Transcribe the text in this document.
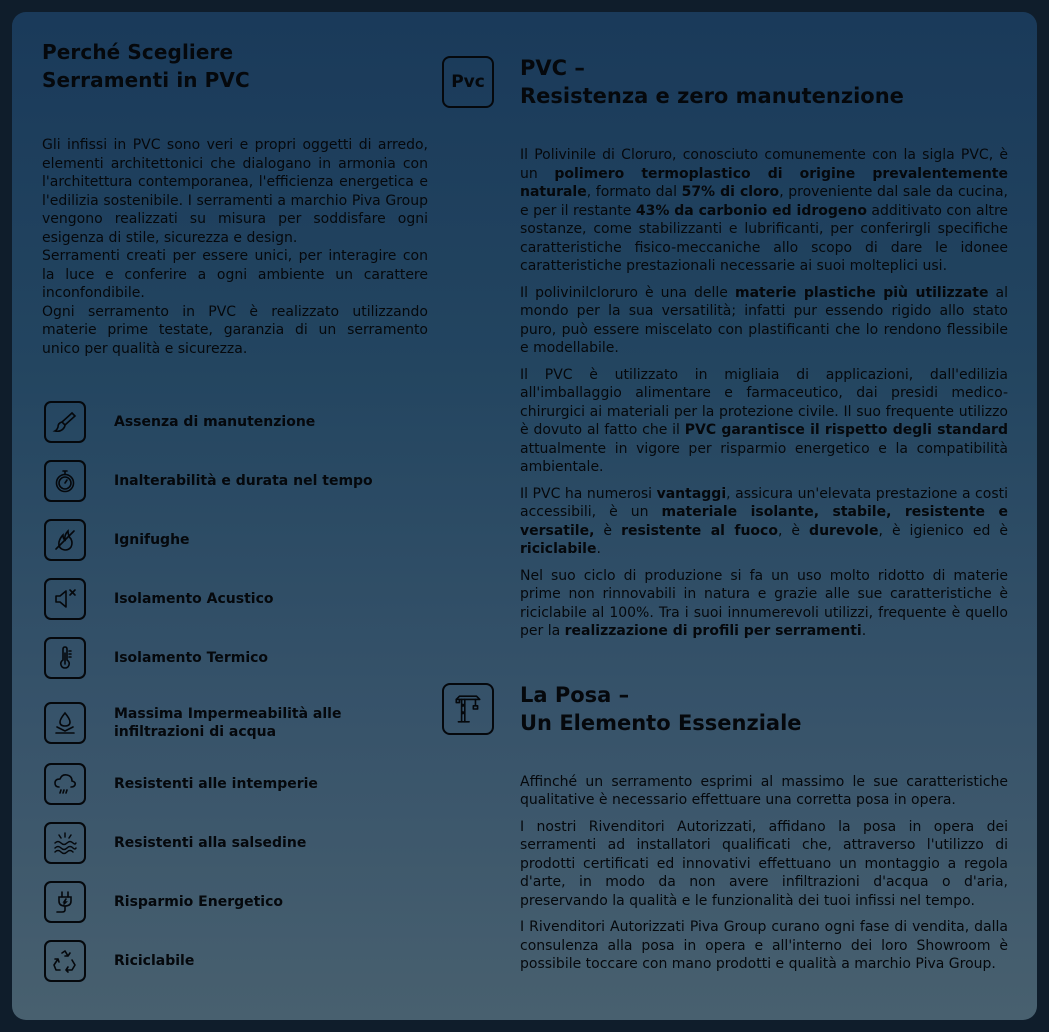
Perché Scegliere
Serramenti in PVC

Gli infissi in PVC sono veri e propri oggetti di arredo, elementi architettonici che dialogano in armonia con l'architettura contemporanea, l'efficienza energetica e l'edilizia sostenibile. I serramenti a marchio Piva Group vengono realizzati su misura per soddisfare ogni esigenza di stile, sicurezza e design.

Serramenti creati per essere unici, per interagire con la luce e conferire a ogni ambiente un carattere inconfondibile.

Ogni serramento in PVC è realizzato utilizzando materie prime testate, garanzia di un serramento unico per qualità e sicurezza.

Assenza di manutenzione
Inalterabilità e durata nel tempo
Ignifughe
Isolamento Acustico
Isolamento Termico
Massima Impermeabilità alle infiltrazioni di acqua
Resistenti alle intemperie
Resistenti alla salsedine
Risparmio Energetico
Riciclabile
Pvc
PVC –
Resistenza e zero manutenzione

Il Polivinile di Cloruro, conosciuto comunemente con la sigla PVC, è un polimero termoplastico di origine prevalentemente naturale, formato dal 57% di cloro, proveniente dal sale da cucina, e per il restante 43% da carbonio ed idrogeno additivato con altre sostanze, come stabilizzanti e lubrificanti, per conferirgli specifiche caratteristiche fisico-meccaniche allo scopo di dare le idonee caratteristiche prestazionali necessarie ai suoi molteplici usi.

Il polivinilcloruro è una delle materie plastiche più utilizzate al mondo per la sua versatilità; infatti pur essendo rigido allo stato puro, può essere miscelato con plastificanti che lo rendono flessibile e modellabile.

Il PVC è utilizzato in migliaia di applicazioni, dall'edilizia all'imballaggio alimentare e farmaceutico, dai presidi medico-chirurgici ai materiali per la protezione civile. Il suo frequente utilizzo è dovuto al fatto che il PVC garantisce il rispetto degli standard attualmente in vigore per risparmio energetico e la compatibilità ambientale.

Il PVC ha numerosi vantaggi, assicura un'elevata prestazione a costi accessibili, è un materiale isolante, stabile, resistente e versatile, è resistente al fuoco, è durevole, è igienico ed è riciclabile.

Nel suo ciclo di produzione si fa un uso molto ridotto di materie prime non rinnovabili in natura e grazie alle sue caratteristiche è riciclabile al 100%. Tra i suoi innumerevoli utilizzi, frequente è quello per la realizzazione di profili per serramenti.

La Posa –
Un Elemento Essenziale

Affinché un serramento esprimi al massimo le sue caratteristiche qualitative è necessario effettuare una corretta posa in opera.

I nostri Rivenditori Autorizzati, affidano la posa in opera dei serramenti ad installatori qualificati che, attraverso l'utilizzo di prodotti certificati ed innovativi effettuano un montaggio a regola d'arte, in modo da non avere infiltrazioni d'acqua o d'aria, preservando la qualità e le funzionalità dei tuoi infissi nel tempo.

I Rivenditori Autorizzati Piva Group curano ogni fase di vendita, dalla consulenza alla posa in opera e all'interno dei loro Showroom è possibile toccare con mano prodotti e qualità a marchio Piva Group.
